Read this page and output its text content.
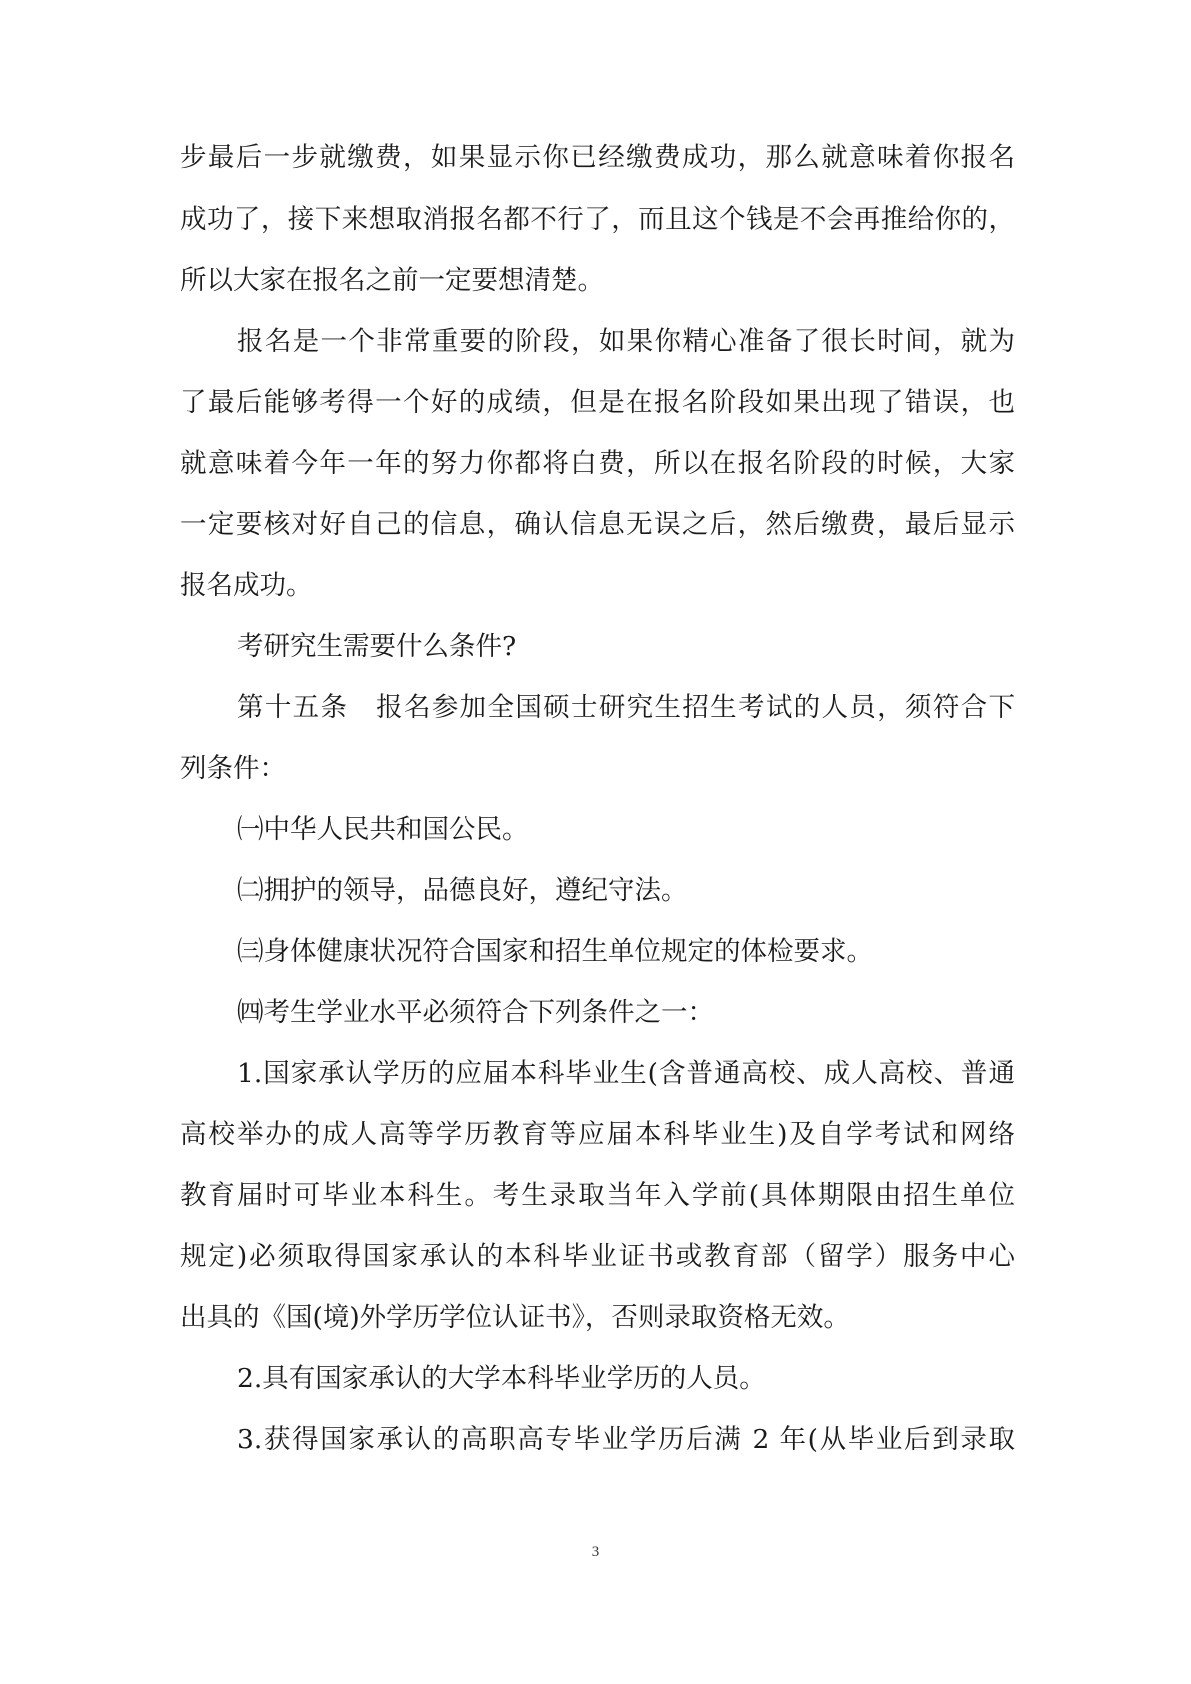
步最后一步就缴费，如果显示你已经缴费成功，那么就意味着你报名
成功了，接下来想取消报名都不行了，而且这个钱是不会再推给你的，
所以大家在报名之前一定要想清楚。
报名是一个非常重要的阶段，如果你精心准备了很长时间，就为
了最后能够考得一个好的成绩，但是在报名阶段如果出现了错误，也
就意味着今年一年的努力你都将白费，所以在报名阶段的时候，大家
一定要核对好自己的信息，确认信息无误之后，然后缴费，最后显示
报名成功。
考研究生需要什么条件?
第十五条　报名参加全国硕士研究生招生考试的人员，须符合下
列条件：
㈠中华人民共和国公民。
㈡拥护的领导，品德良好，遵纪守法。
㈢身体健康状况符合国家和招生单位规定的体检要求。
㈣考生学业水平必须符合下列条件之一：
1.国家承认学历的应届本科毕业生(含普通高校、成人高校、普通
高校举办的成人高等学历教育等应届本科毕业生)及自学考试和网络
教育届时可毕业本科生。考生录取当年入学前(具体期限由招生单位
规定)必须取得国家承认的本科毕业证书或教育部（留学）服务中心
出具的《国(境)外学历学位认证书》，否则录取资格无效。
2.具有国家承认的大学本科毕业学历的人员。
3.获得国家承认的高职高专毕业学历后满 2 年(从毕业后到录取
3
